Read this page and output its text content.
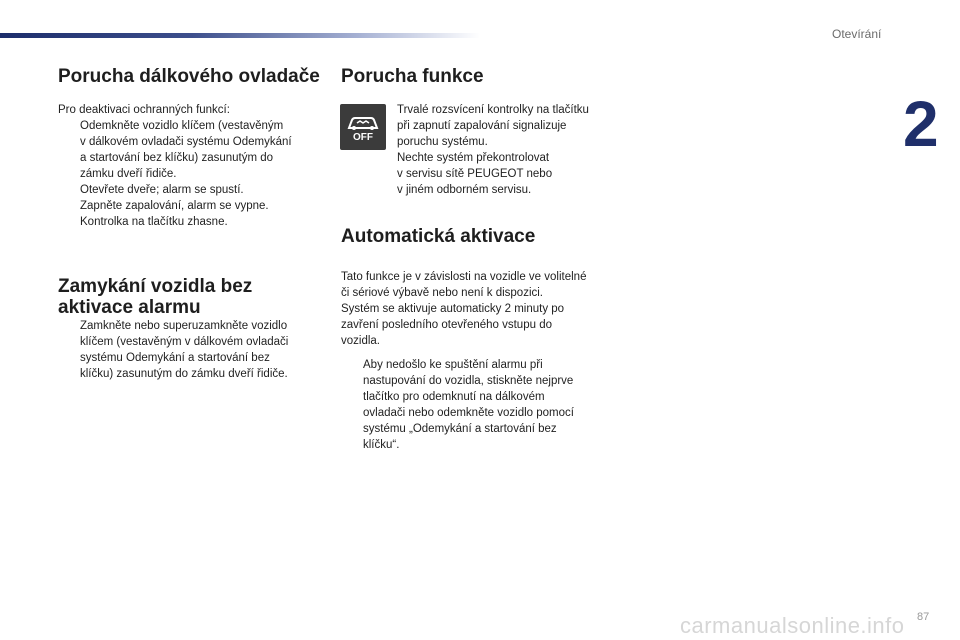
Otevírání
2
Porucha dálkového ovladače

Pro deaktivaci ochranných funkcí:

Odemkněte vozidlo klíčem (vestavěným
v dálkovém ovladači systému Odemykání
a startování bez klíčku) zasunutým do
zámku dveří řidiče.
Otevřete dveře; alarm se spustí.
Zapněte zapalování, alarm se vypne.
Kontrolka na tlačítku zhasne.
Zamykání vozidla bez
aktivace alarmu
Zamkněte nebo superuzamkněte vozidlo
klíčem (vestavěným v dálkovém ovladači
systému Odemykání a startování bez
klíčku) zasunutým do zámku dveří řidiče.
Porucha funkce
OFF
Trvalé rozsvícení kontrolky na tlačítku
při zapnutí zapalování signalizuje
poruchu systému.
Nechte systém překontrolovat
v servisu sítě PEUGEOT nebo
v jiném odborném servisu.
Automatická aktivace
Tato funkce je v závislosti na vozidle ve volitelné
či sériové výbavě nebo není k dispozici.
Systém se aktivuje automaticky 2 minuty po
zavření posledního otevřeného vstupu do
vozidla.
Aby nedošlo ke spuštění alarmu při
nastupování do vozidla, stiskněte nejprve
tlačítko pro odemknutí na dálkovém
ovladači nebo odemkněte vozidlo pomocí
systému „Odemykání a startování bez
klíčku“.
carmanualsonline.info 87
